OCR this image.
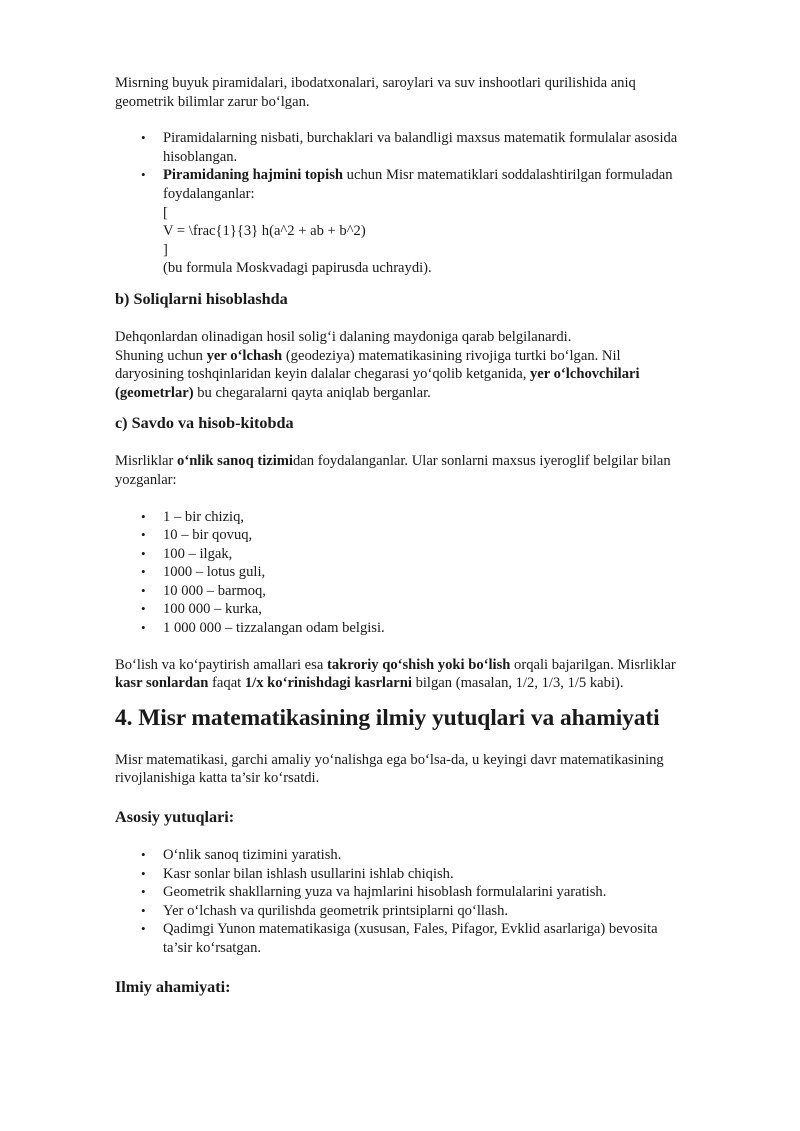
Misrning buyuk piramidalari, ibodatxonalari, saroylari va suv inshootlari qurilishida aniq
geometrik bilimlar zarur bo‘lgan.

• Piramidalarning nisbati, burchaklari va balandligi maxsus matematik formulalar asosida
hisoblangan.
• Piramidaning hajmini topish uchun Misr matematiklari soddalashtirilgan formuladan
foydalanganlar:
[
V = \frac{1}{3} h(a^2 + ab + b^2)
]
(bu formula Moskvadagi papirusda uchraydi).
b) Soliqlarni hisoblashda

Dehqonlardan olinadigan hosil solig‘i dalaning maydoniga qarab belgilanardi.
Shuning uchun yer o‘lchash (geodeziya) matematikasining rivojiga turtki bo‘lgan. Nil
daryosining toshqinlaridan keyin dalalar chegarasi yo‘qolib ketganida, yer o‘lchovchilari
(geometrlar) bu chegaralarni qayta aniqlab berganlar.

c) Savdo va hisob-kitobda

Misrliklar o‘nlik sanoq tizimidan foydalanganlar. Ular sonlarni maxsus iyeroglif belgilar bilan
yozganlar:

• 1 – bir chiziq,
• 10 – bir qovuq,
• 100 – ilgak,
• 1000 – lotus guli,
• 10 000 – barmoq,
• 100 000 – kurka,
• 1 000 000 – tizzalangan odam belgisi.

Bo‘lish va ko‘paytirish amallari esa takroriy qo‘shish yoki bo‘lish orqali bajarilgan. Misrliklar
kasr sonlardan faqat 1/x ko‘rinishdagi kasrlarni bilgan (masalan, 1/2, 1/3, 1/5 kabi).

4. Misr matematikasining ilmiy yutuqlari va ahamiyati

Misr matematikasi, garchi amaliy yo‘nalishga ega bo‘lsa-da, u keyingi davr matematikasining
rivojlanishiga katta ta’sir ko‘rsatdi.

Asosiy yutuqlari:
• O‘nlik sanoq tizimini yaratish.
• Kasr sonlar bilan ishlash usullarini ishlab chiqish.
• Geometrik shakllarning yuza va hajmlarini hisoblash formulalarini yaratish.
• Yer o‘lchash va qurilishda geometrik printsiplarni qo‘llash.
• Qadimgi Yunon matematikasiga (xususan, Fales, Pifagor, Evklid asarlariga) bevosita
ta’sir ko‘rsatgan.
Ilmiy ahamiyati:
